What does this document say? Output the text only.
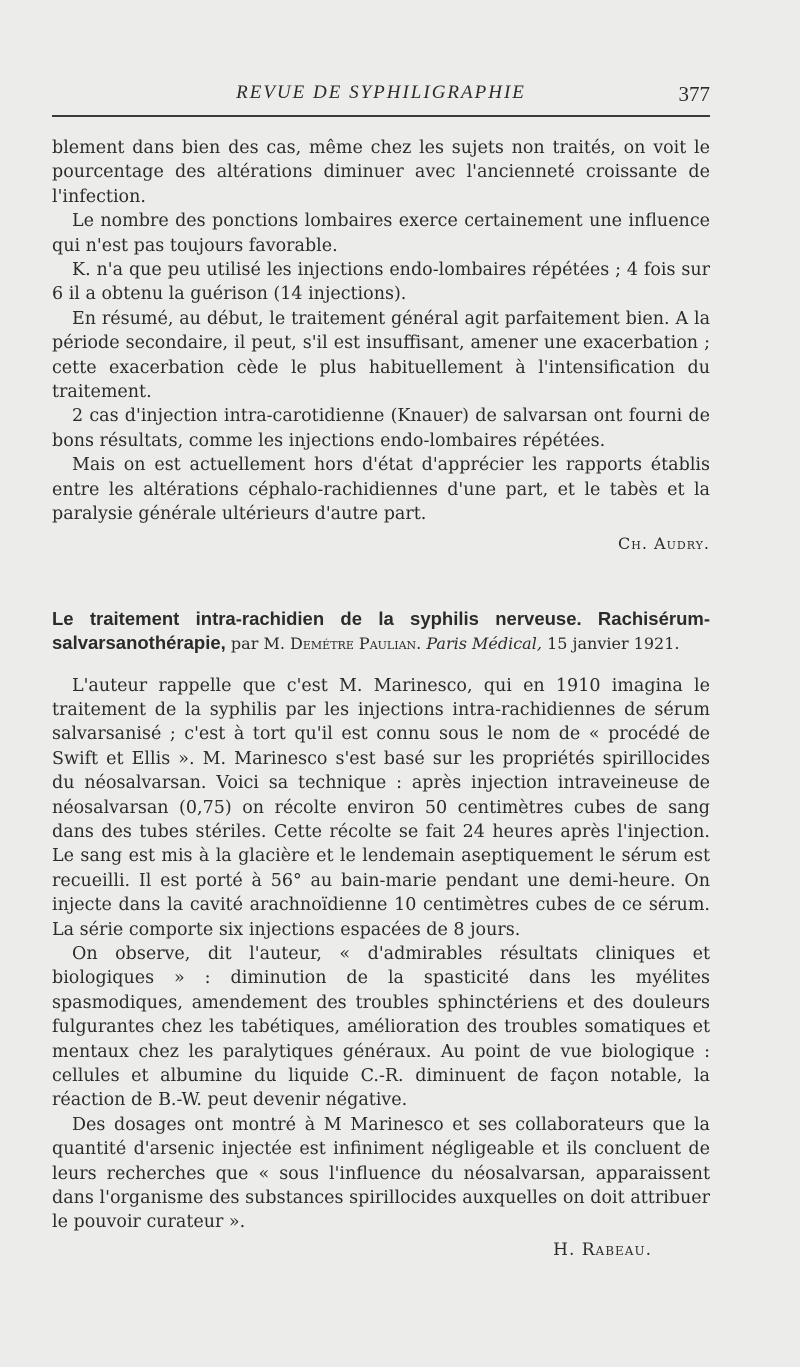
REVUE DE SYPHILIGRAPHIE	377

blement dans bien des cas, même chez les sujets non traités, on voit le pourcentage des altérations diminuer avec l'ancienneté croissante de l'infection.

Le nombre des ponctions lombaires exerce certainement une influence qui n'est pas toujours favorable.

K. n'a que peu utilisé les injections endo-lombaires répétées ; 4 fois sur 6 il a obtenu la guérison (14 injections).

En résumé, au début, le traitement général agit parfaitement bien. A la période secondaire, il peut, s'il est insuffisant, amener une exacerbation ; cette exacerbation cède le plus habituellement à l'intensification du traitement.

2 cas d'injection intra-carotidienne (Knauer) de salvarsan ont fourni de bons résultats, comme les injections endo-lombaires répétées.

Mais on est actuellement hors d'état d'apprécier les rapports établis entre les altérations céphalo-rachidiennes d'une part, et le tabès et la paralysie générale ultérieurs d'autre part.

Ch. Audry.
Le traitement intra-rachidien de la syphilis nerveuse. Rachisérum-salvarsanothérapie, par M. Demétre Paulian. Paris Médical, 15 janvier 1921.

L'auteur rappelle que c'est M. Marinesco, qui en 1910 imagina le traitement de la syphilis par les injections intra-rachidiennes de sérum salvarsanisé ; c'est à tort qu'il est connu sous le nom de « procédé de Swift et Ellis ». M. Marinesco s'est basé sur les propriétés spirillocides du néosalvarsan. Voici sa technique : après injection intraveineuse de néosalvarsan (0,75) on récolte environ 50 centimètres cubes de sang dans des tubes stériles. Cette récolte se fait 24 heures après l'injection. Le sang est mis à la glacière et le lendemain aseptiquement le sérum est recueilli. Il est porté à 56° au bain-marie pendant une demi-heure. On injecte dans la cavité arachnoïdienne 10 centimètres cubes de ce sérum. La série comporte six injections espacées de 8 jours.

On observe, dit l'auteur, « d'admirables résultats cliniques et biologiques » : diminution de la spasticité dans les myélites spasmodiques, amendement des troubles sphinctériens et des douleurs fulgurantes chez les tabétiques, amélioration des troubles somatiques et mentaux chez les paralytiques généraux. Au point de vue biologique : cellules et albumine du liquide C.-R. diminuent de façon notable, la réaction de B.-W. peut devenir négative.

Des dosages ont montré à M Marinesco et ses collaborateurs que la quantité d'arsenic injectée est infiniment négligeable et ils concluent de leurs recherches que « sous l'influence du néosalvarsan, apparaissent dans l'organisme des substances spirillocides auxquelles on doit attribuer le pouvoir curateur ».

H. Rabeau.
